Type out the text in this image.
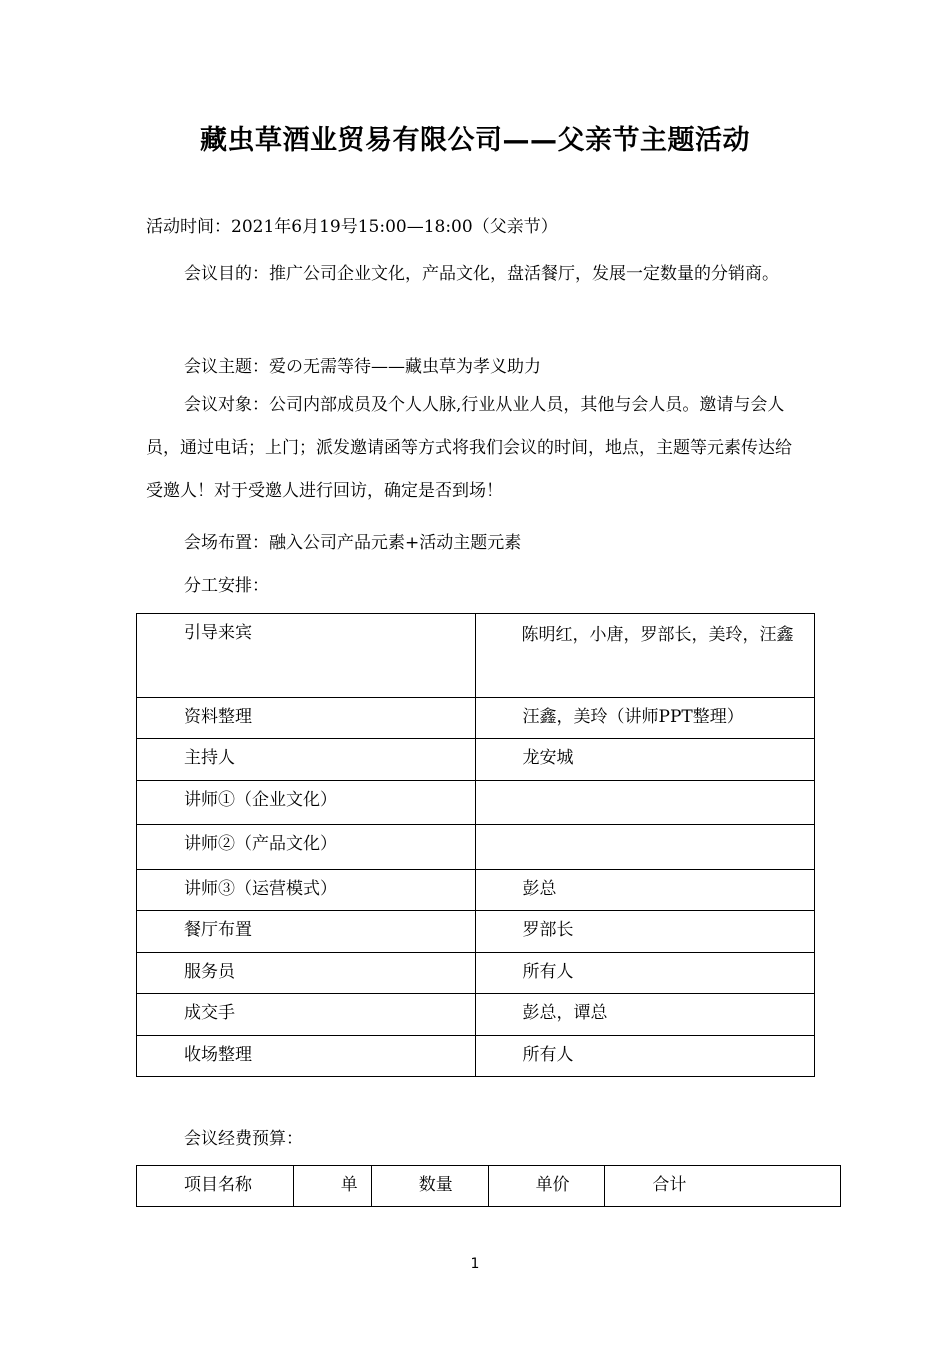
藏虫草酒业贸易有限公司——父亲节主题活动
活动时间：2021年6月19号15:00—18:00（父亲节）
会议目的：推广公司企业文化，产品文化，盘活餐厅，发展一定数量的分销商。
会议主题：爱の无需等待——藏虫草为孝义助力
会议对象：公司内部成员及个人人脉,行业从业人员，其他与会人员。邀请与会人员，通过电话；上门；派发邀请函等方式将我们会议的时间，地点，主题等元素传达给受邀人！对于受邀人进行回访，确定是否到场！
会场布置：融入公司产品元素+活动主题元素
分工安排：
引导来宾	陈明红，小唐，罗部长，美玲，汪鑫
资料整理	汪鑫，美玲（讲师PPT整理）
主持人	龙安城
讲师①（企业文化）	
讲师②（产品文化）	
讲师③（运营模式）	彭总
餐厅布置	罗部长
服务员	所有人
成交手	彭总，谭总
收场整理	所有人
会议经费预算：
项目名称	单	数量	单价	合计
1
